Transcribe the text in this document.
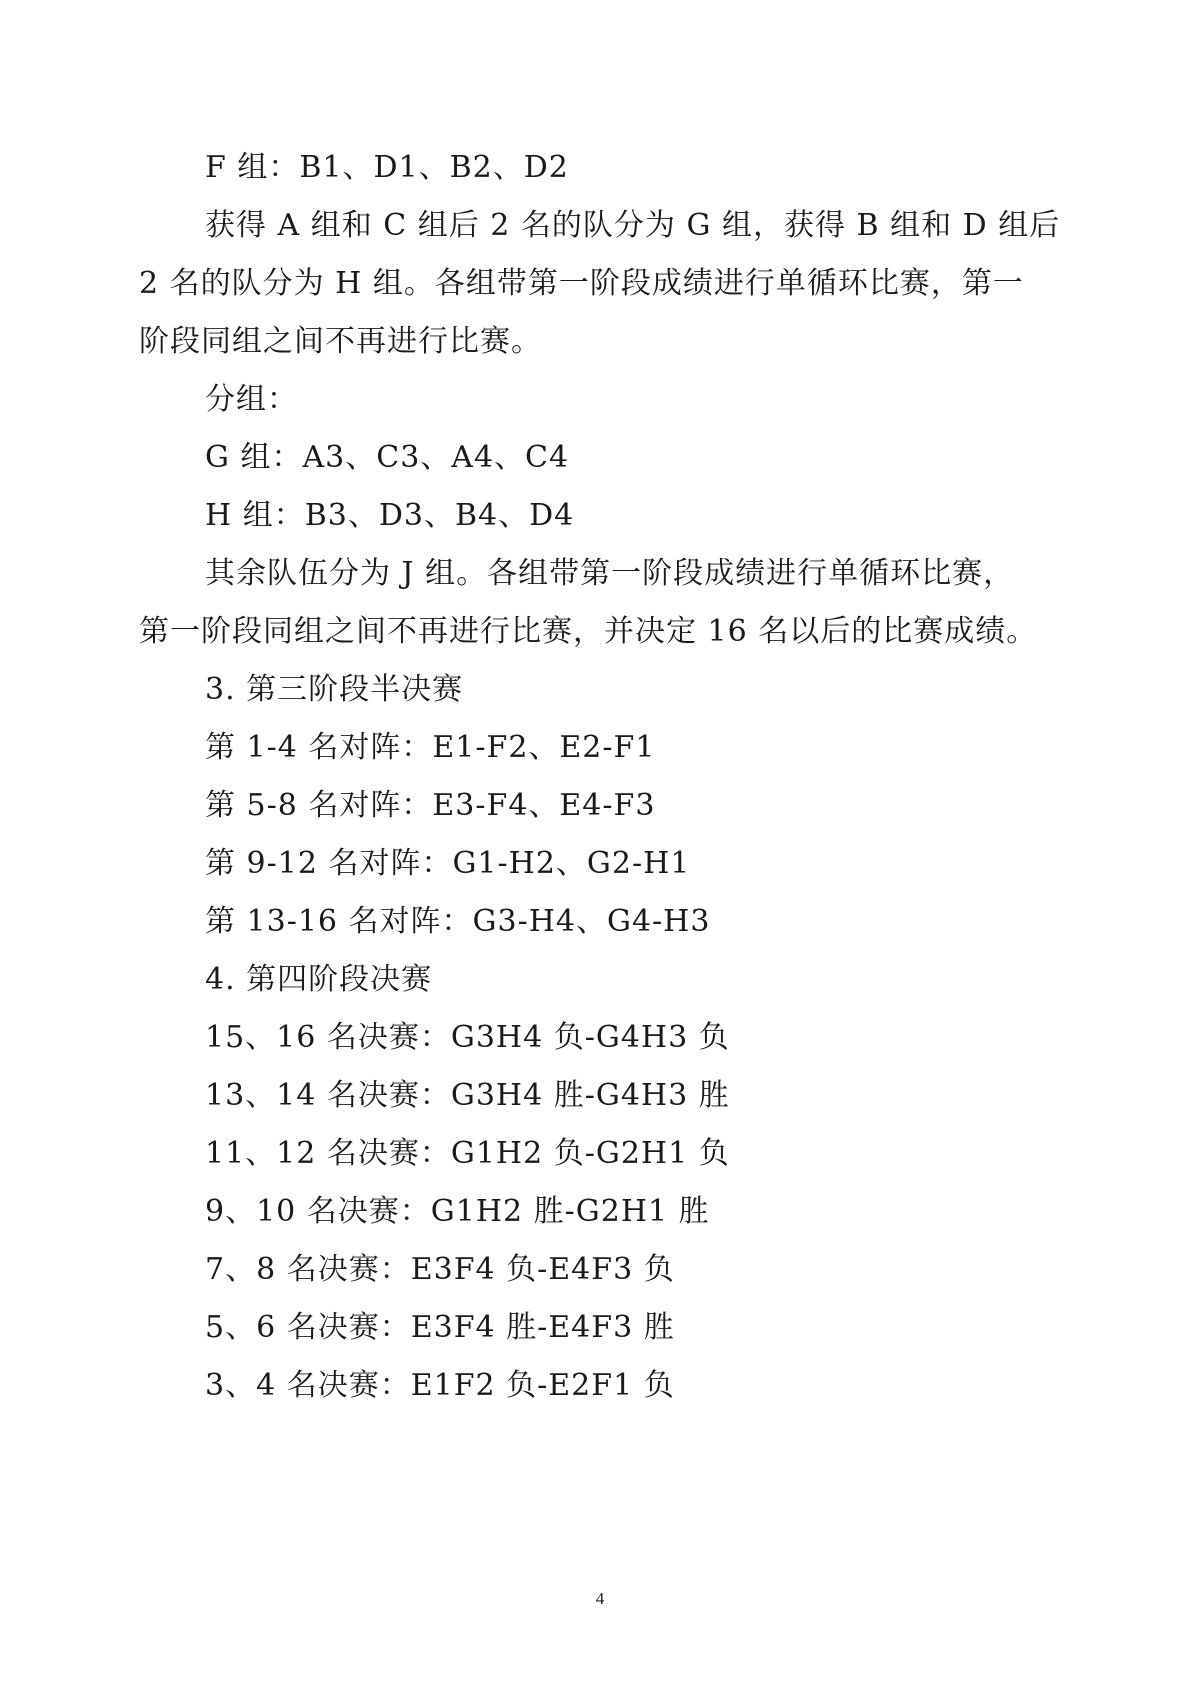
F 组：B1、D1、B2、D2

获得 A 组和 C 组后 2 名的队分为 G 组，获得 B 组和 D 组后

2 名的队分为 H 组。各组带第一阶段成绩进行单循环比赛，第一

阶段同组之间不再进行比赛。

分组：

G 组：A3、C3、A4、C4

H 组：B3、D3、B4、D4

其余队伍分为 J 组。各组带第一阶段成绩进行单循环比赛，

第一阶段同组之间不再进行比赛，并决定 16 名以后的比赛成绩。

3. 第三阶段半决赛

第 1-4 名对阵：E1-F2、E2-F1

第 5-8 名对阵：E3-F4、E4-F3

第 9-12 名对阵：G1-H2、G2-H1

第 13-16 名对阵：G3-H4、G4-H3

4. 第四阶段决赛

15、16 名决赛：G3H4 负-G4H3 负

13、14 名决赛：G3H4 胜-G4H3 胜

11、12 名决赛：G1H2 负-G2H1 负

9、10 名决赛：G1H2 胜-G2H1 胜

7、8 名决赛：E3F4 负-E4F3 负

5、6 名决赛：E3F4 胜-E4F3 胜

3、4 名决赛：E1F2 负-E2F1 负

4
